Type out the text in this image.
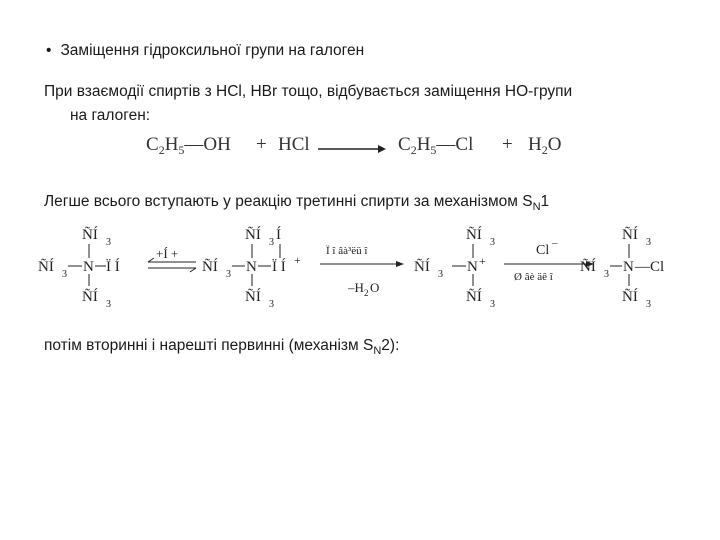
• Заміщення гідроксильної групи на галоген
При взаємодії спиртів з HCl, HBr тощо, відбувається заміщення НО-групи
на галоген:
$C_2H_5—OH$ + HCl	$C_2H_5—Cl + H_2O$
Легше всього вступають у реакцію третинні спирти за механізмом $S_N1$
ÑÍ 3
ÑÍ 3 N Ï Í
ÑÍ 3
+Í +
ÑÍ 3 Í
ÑÍ 3 N Ï Í +
ÑÍ 3
Ï î âà³ëü î
–H 2 O
ÑÍ 3
ÑÍ 3 N +
ÑÍ 3
Cl –
Ø âè äê î
ÑÍ 3
ÑÍ 3 N —Cl
ÑÍ 3
потім вторинні і нарешті первинні (механізм $S_N2$):
